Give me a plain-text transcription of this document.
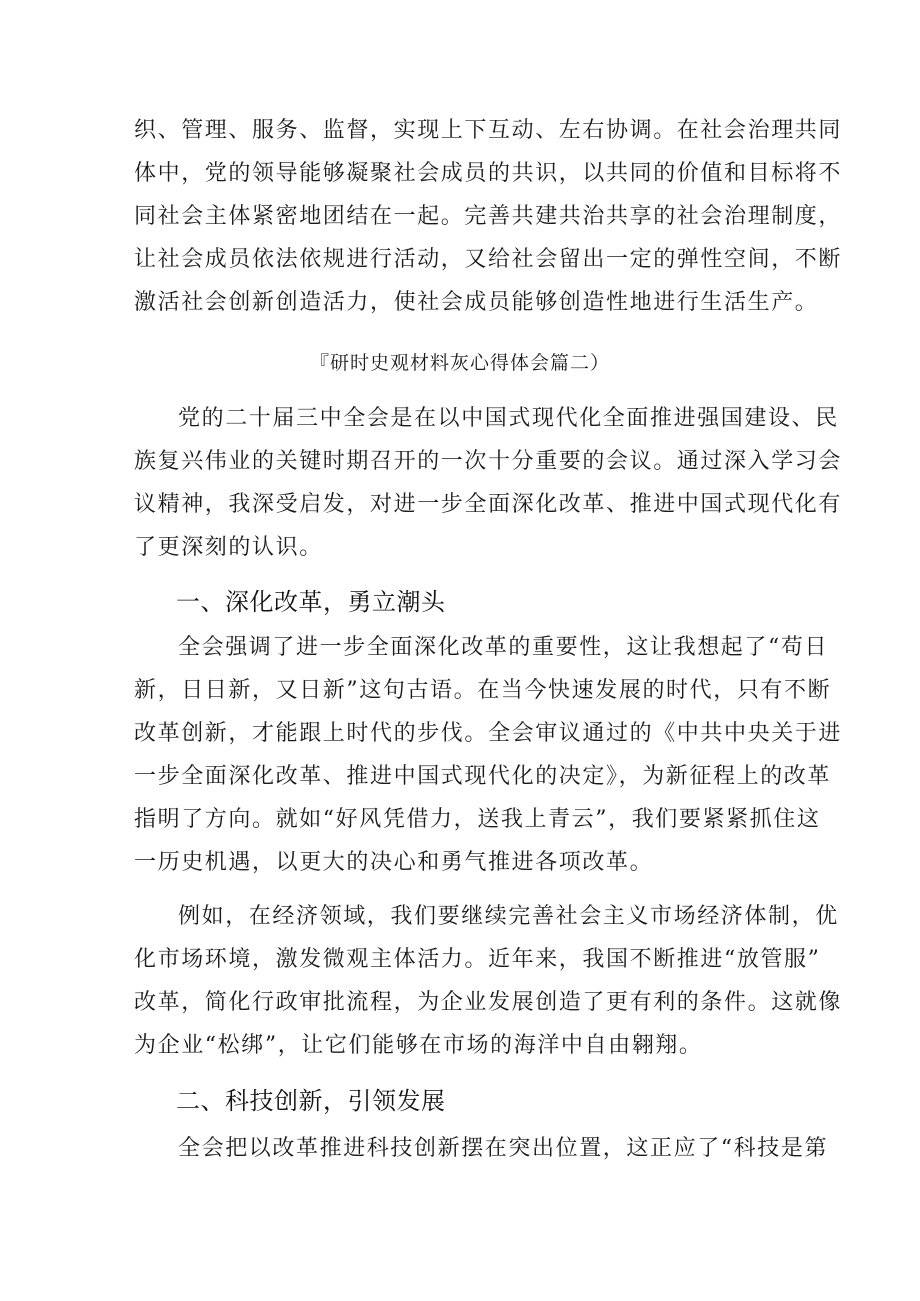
织、管理、服务、监督，实现上下互动、左右协调。在社会治理共同
体中，党的领导能够凝聚社会成员的共识，以共同的价值和目标将不
同社会主体紧密地团结在一起。完善共建共治共享的社会治理制度，
让社会成员依法依规进行活动，又给社会留出一定的弹性空间，不断
激活社会创新创造活力，使社会成员能够创造性地进行生活生产。
『研时史观材料灰心得体会篇二）
党的二十届三中全会是在以中国式现代化全面推进强国建设、民
族复兴伟业的关键时期召开的一次十分重要的会议。通过深入学习会
议精神，我深受启发，对进一步全面深化改革、推进中国式现代化有
了更深刻的认识。
一、深化改革，勇立潮头
全会强调了进一步全面深化改革的重要性，这让我想起了“苟日
新，日日新，又日新”这句古语。在当今快速发展的时代，只有不断
改革创新，才能跟上时代的步伐。全会审议通过的《中共中央关于进
一步全面深化改革、推进中国式现代化的决定》，为新征程上的改革
指明了方向。就如“好风凭借力，送我上青云”，我们要紧紧抓住这
一历史机遇，以更大的决心和勇气推进各项改革。
例如，在经济领域，我们要继续完善社会主义市场经济体制，优
化市场环境，激发微观主体活力。近年来，我国不断推进“放管服”
改革，简化行政审批流程，为企业发展创造了更有利的条件。这就像
为企业“松绑”，让它们能够在市场的海洋中自由翱翔。
二、科技创新，引领发展
全会把以改革推进科技创新摆在突出位置，这正应了“科技是第
